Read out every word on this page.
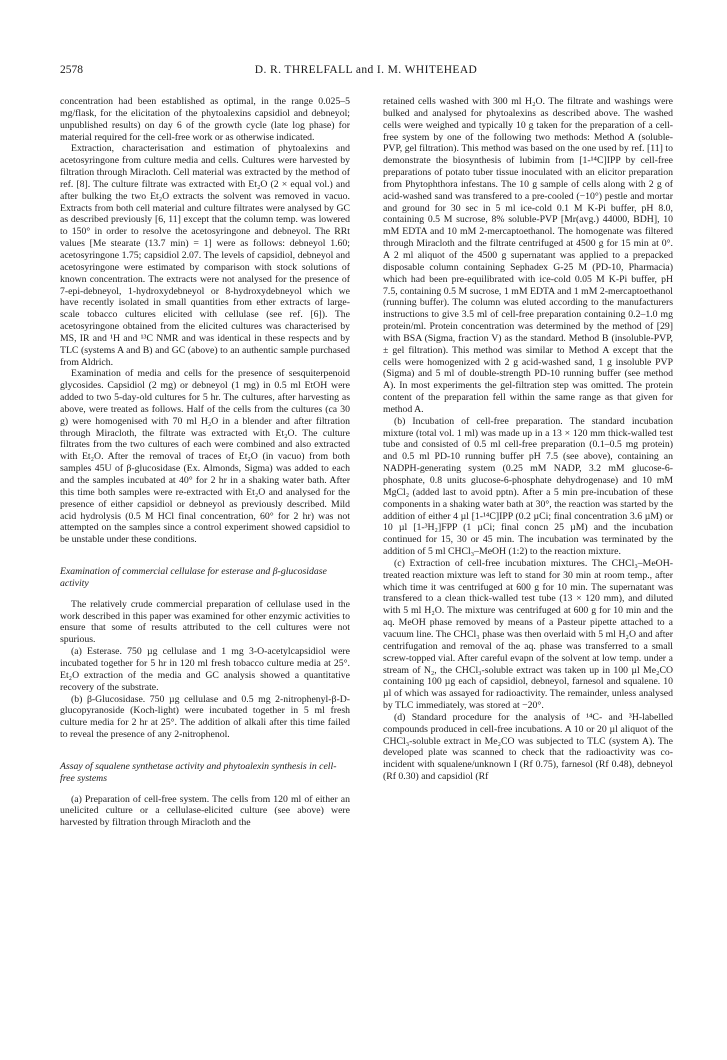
2578	D. R. THRELFALL and I. M. WHITEHEAD

concentration had been established as optimal, in the range 0.025–5 mg/flask, for the elicitation of the phytoalexins capsidiol and debneyol; unpublished results) on day 6 of the growth cycle (late log phase) for material required for the cell-free work or as otherwise indicated.

Extraction, characterisation and estimation of phytoalexins and acetosyringone from culture media and cells. Cultures were harvested by filtration through Miracloth. Cell material was extracted by the method of ref. [8]. The culture filtrate was extracted with Et₂O (2 × equal vol.) and after bulking the two Et₂O extracts the solvent was removed in vacuo. Extracts from both cell material and culture filtrates were analysed by GC as described previously [6, 11] except that the column temp. was lowered to 150° in order to resolve the acetosyringone and debneyol. The RRt values [Me stearate (13.7 min) = 1] were as follows: debneyol 1.60; acetosyringone 1.75; capsidiol 2.07. The levels of capsidiol, debneyol and acetosyringone were estimated by comparison with stock solutions of known concentration. The extracts were not analysed for the presence of 7-epi-debneyol, 1-hydroxydebneyol or 8-hydroxydebneyol which we have recently isolated in small quantities from ether extracts of large-scale tobacco cultures elicited with cellulase (see ref. [6]). The acetosyringone obtained from the elicited cultures was characterised by MS, IR and ¹H and ¹³C NMR and was identical in these respects and by TLC (systems A and B) and GC (above) to an authentic sample purchased from Aldrich.

Examination of media and cells for the presence of sesquiterpenoid glycosides. Capsidiol (2 mg) or debneyol (1 mg) in 0.5 ml EtOH were added to two 5-day-old cultures for 5 hr. The cultures, after harvesting as above, were treated as follows. Half of the cells from the cultures (ca 30 g) were homogenised with 70 ml H₂O in a blender and after filtration through Miracloth, the filtrate was extracted with Et₂O. The culture filtrates from the two cultures of each were combined and also extracted with Et₂O. After the removal of traces of Et₂O (in vacuo) from both samples 45U of β-glucosidase (Ex. Almonds, Sigma) was added to each and the samples incubated at 40° for 2 hr in a shaking water bath. After this time both samples were re-extracted with Et₂O and analysed for the presence of either capsidiol or debneyol as previously described. Mild acid hydrolysis (0.5 M HCl final concentration, 60° for 2 hr) was not attempted on the samples since a control experiment showed capsidiol to be unstable under these conditions.

Examination of commercial cellulase for esterase and β-glucosidase activity

The relatively crude commercial preparation of cellulase used in the work described in this paper was examined for other enzymic activities to ensure that some of results attributed to the cell cultures were not spurious.

(a) Esterase. 750 µg cellulase and 1 mg 3-O-acetylcapsidiol were incubated together for 5 hr in 120 ml fresh tobacco culture media at 25°. Et₂O extraction of the media and GC analysis showed a quantitative recovery of the substrate.

(b) β-Glucosidase. 750 µg cellulase and 0.5 mg 2-nitrophenyl-β-D-glucopyranoside (Koch-light) were incubated together in 5 ml fresh culture media for 2 hr at 25°. The addition of alkali after this time failed to reveal the presence of any 2-nitrophenol.

Assay of squalene synthetase activity and phytoalexin synthesis in cell-free systems

(a) Preparation of cell-free system. The cells from 120 ml of either an unelicited culture or a cellulase-elicited culture (see above) were harvested by filtration through Miracloth and the

retained cells washed with 300 ml H₂O. The filtrate and washings were bulked and analysed for phytoalexins as described above. The washed cells were weighed and typically 10 g taken for the preparation of a cell-free system by one of the following two methods: Method A (soluble-PVP, gel filtration). This method was based on the one used by ref. [11] to demonstrate the biosynthesis of lubimin from [1-¹⁴C]IPP by cell-free preparations of potato tuber tissue inoculated with an elicitor preparation from Phytophthora infestans. The 10 g sample of cells along with 2 g of acid-washed sand was transfered to a pre-cooled (−10°) pestle and mortar and ground for 30 sec in 5 ml ice-cold 0.1 M K-Pi buffer, pH 8.0, containing 0.5 M sucrose, 8% soluble-PVP [Mr(avg.) 44000, BDH], 10 mM EDTA and 10 mM 2-mercaptoethanol. The homogenate was filtered through Miracloth and the filtrate centrifuged at 4500 g for 15 min at 0°. A 2 ml aliquot of the 4500 g supernatant was applied to a prepacked disposable column containing Sephadex G-25 M (PD-10, Pharmacia) which had been pre-equilibrated with ice-cold 0.05 M K-Pi buffer, pH 7.5, containing 0.5 M sucrose, 1 mM EDTA and 1 mM 2-mercaptoethanol (running buffer). The column was eluted according to the manufacturers instructions to give 3.5 ml of cell-free preparation containing 0.2–1.0 mg protein/ml. Protein concentration was determined by the method of [29] with BSA (Sigma, fraction V) as the standard. Method B (insoluble-PVP, ± gel filtration). This method was similar to Method A except that the cells were homogenized with 2 g acid-washed sand, 1 g insoluble PVP (Sigma) and 5 ml of double-strength PD-10 running buffer (see method A). In most experiments the gel-filtration step was omitted. The protein content of the preparation fell within the same range as that given for method A.

(b) Incubation of cell-free preparation. The standard incubation mixture (total vol. 1 ml) was made up in a 13 × 120 mm thick-walled test tube and consisted of 0.5 ml cell-free preparation (0.1–0.5 mg protein) and 0.5 ml PD-10 running buffer pH 7.5 (see above), containing an NADPH-generating system (0.25 mM NADP, 3.2 mM glucose-6-phosphate, 0.8 units glucose-6-phosphate dehydrogenase) and 10 mM MgCl₂ (added last to avoid pptn). After a 5 min pre-incubation of these components in a shaking water bath at 30°, the reaction was started by the addition of either 4 µl [1-¹⁴C]IPP (0.2 µCi; final concentration 3.6 µM) or 10 µl [1-³H₂]FPP (1 µCi; final concn 25 µM) and the incubation continued for 15, 30 or 45 min. The incubation was terminated by the addition of 5 ml CHCl₃–MeOH (1:2) to the reaction mixture.

(c) Extraction of cell-free incubation mixtures. The CHCl₃–MeOH-treated reaction mixture was left to stand for 30 min at room temp., after which time it was centrifuged at 600 g for 10 min. The supernatant was transfered to a clean thick-walled test tube (13 × 120 mm), and diluted with 5 ml H₂O. The mixture was centrifuged at 600 g for 10 min and the aq. MeOH phase removed by means of a Pasteur pipette attached to a vacuum line. The CHCl₃ phase was then overlaid with 5 ml H₂O and after centrifugation and removal of the aq. phase was transferred to a small screw-topped vial. After careful evapn of the solvent at low temp. under a stream of N₂, the CHCl₃-soluble extract was taken up in 100 µl Me₂CO containing 100 µg each of capsidiol, debneyol, farnesol and squalene. 10 µl of which was assayed for radioactivity. The remainder, unless analysed by TLC immediately, was stored at −20°.

(d) Standard procedure for the analysis of ¹⁴C- and ³H-labelled compounds produced in cell-free incubations. A 10 or 20 µl aliquot of the CHCl₃-soluble extract in Me₂CO was subjected to TLC (system A). The developed plate was scanned to check that the radioactivity was co-incident with squalene/unknown I (Rf 0.75), farnesol (Rf 0.48), debneyol (Rf 0.30) and capsidiol (Rf
